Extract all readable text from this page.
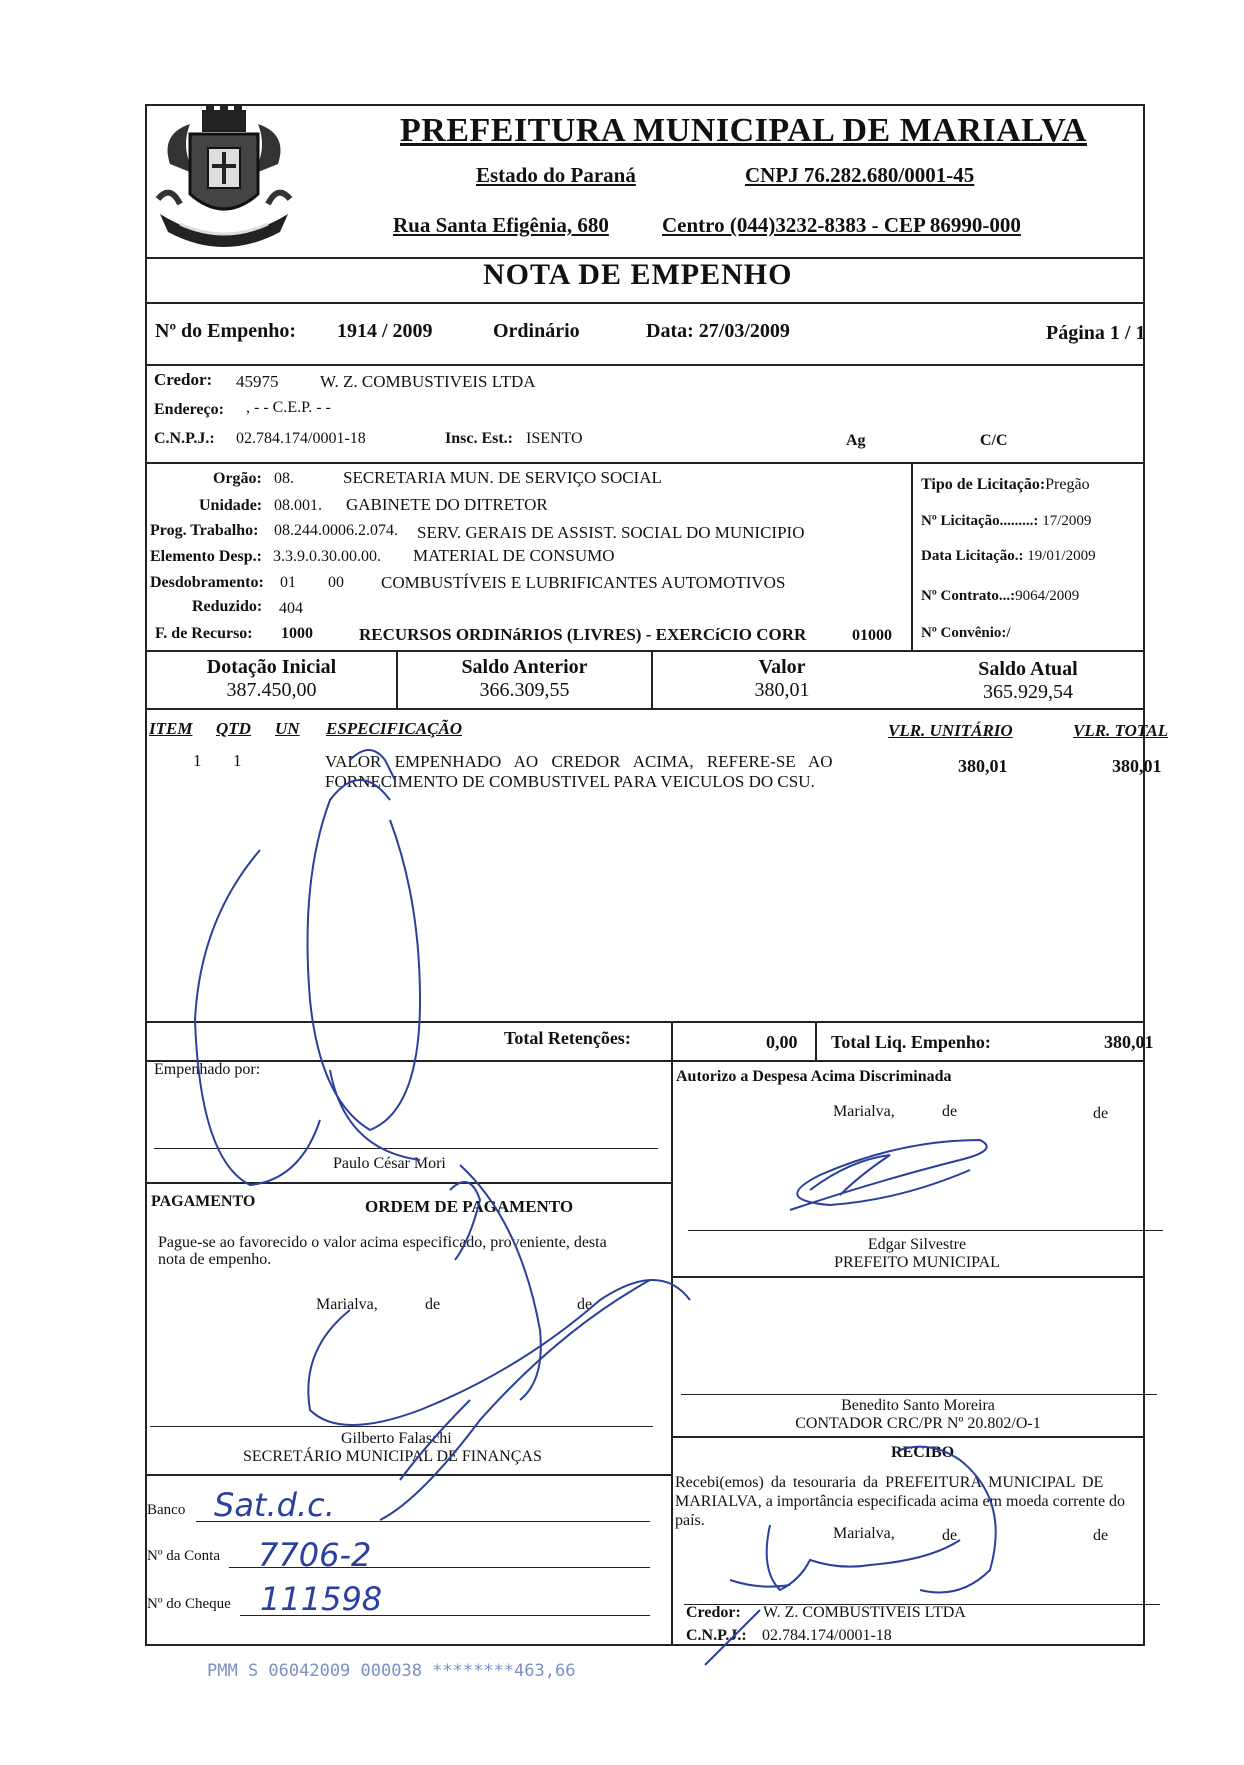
PREFEITURA MUNICIPAL DE MARIALVA
Estado do Paraná	CNPJ 76.282.680/0001-45
Rua Santa Efigênia, 680	Centro (044)3232-8383 - CEP 86990-000
NOTA DE EMPENHO
Nº do Empenho: 1914 / 2009	Ordinário	Data: 27/03/2009	Página 1 / 1
Credor: 45975 W. Z. COMBUSTIVEIS LTDA
Endereço: , - - C.E.P. - -
C.N.P.J.: 02.784.174/0001-18	Insc. Est.: ISENTO	Ag	C/C
Orgão: 08.	SECRETARIA MUN. DE SERVIÇO SOCIAL
Unidade: 08.001. GABINETE DO DITRETOR
Prog. Trabalho: 08.244.0006.2.074. SERV. GERAIS DE ASSIST. SOCIAL DO MUNICIPIO
Elemento Desp.: 3.3.9.0.30.00.00. MATERIAL DE CONSUMO
Desdobramento: 01 00 COMBUSTÍVEIS E LUBRIFICANTES AUTOMOTIVOS
Reduzido: 404
F. de Recurso: 1000	RECURSOS ORDINáRIOS (LIVRES) - EXERCíCIO CORR	01000
Tipo de Licitação:Pregão
Nº Licitação.........: 17/2009
Data Licitação.: 19/01/2009
Nº Contrato...:9064/2009
Nº Convênio:/
Dotação Inicial
387.450,00
Saldo Anterior
366.309,55
Valor
380,01
Saldo Atual
365.929,54
ITEM QTD UN ESPECIFICAÇÃO	VLR. UNITÁRIO	VLR. TOTAL
1 1	VALOR EMPENHADO AO CREDOR ACIMA, REFERE-SE AO
FORNECIMENTO DE COMBUSTIVEL PARA VEICULOS DO CSU.
380,01	380,01
Total Retenções:	0,00 Total Liq. Empenho:	380,01
Empenhado por:
Paulo César Mori
PAGAMENTO	ORDEM DE PAGAMENTO
Pague-se ao favorecido o valor acima especificado, proveniente, desta
nota de empenho.
Marialva,	de	de
Gilberto Falaschi
SECRETÁRIO MUNICIPAL DE FINANÇAS
Banco Sat.d.c.
Nº da Conta 7706-2
Nº do Cheque 111598
Autorizo a Despesa Acima Discriminada
Marialva,	de	de
Edgar Silvestre
PREFEITO MUNICIPAL
Benedito Santo Moreira
CONTADOR CRC/PR Nº 20.802/O-1
RECIBO
Recebi(emos) da tesouraria da PREFEITURA MUNICIPAL DE
MARIALVA, a importância especificada acima em moeda corrente do
país.
Marialva,	de	de
Credor: W. Z. COMBUSTIVEIS LTDA
C.N.P.J.: 02.784.174/0001-18
PMM S 06042009 000038 ********463,66
